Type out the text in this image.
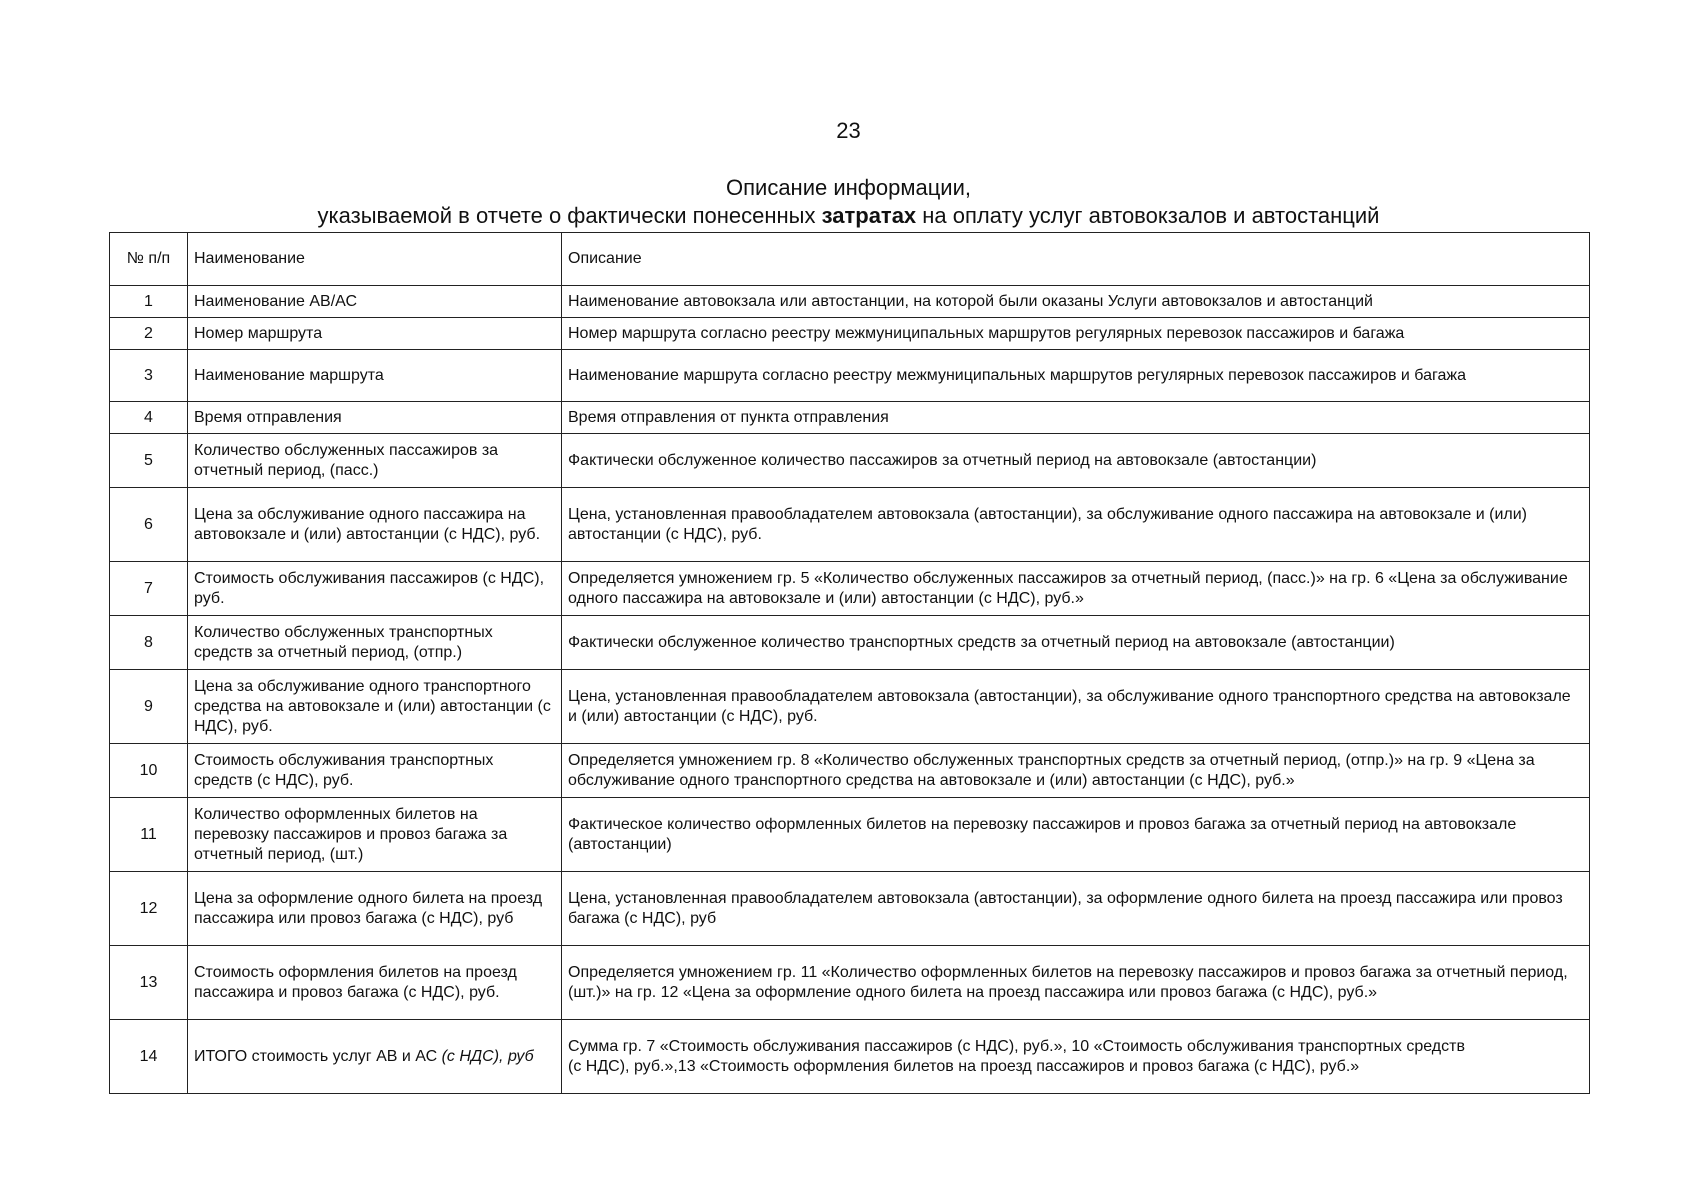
23
Описание информации,
указываемой в отчете о фактически понесенных затратах на оплату услуг автовокзалов и автостанций
№ п/п	Наименование	Описание
1	Наименование АВ/АС	Наименование автовокзала или автостанции, на которой были оказаны Услуги автовокзалов и автостанций
2	Номер маршрута	Номер маршрута согласно реестру межмуниципальных маршрутов регулярных перевозок пассажиров и багажа
3	Наименование маршрута	Наименование маршрута согласно реестру межмуниципальных маршрутов регулярных перевозок пассажиров и багажа
4	Время отправления	Время отправления от пункта отправления
5	Количество обслуженных пассажиров за отчетный период, (пасс.)	Фактически обслуженное количество пассажиров за отчетный период на автовокзале (автостанции)
6	Цена за обслуживание одного пассажира на автовокзале и (или) автостанции (с НДС), руб.	Цена, установленная правообладателем автовокзала (автостанции), за обслуживание одного пассажира на автовокзале и (или) автостанции (с НДС), руб.
7	Стоимость обслуживания пассажиров (с НДС), руб.	Определяется умножением гр. 5 «Количество обслуженных пассажиров за отчетный период, (пасс.)» на гр. 6 «Цена за обслуживание одного пассажира на автовокзале и (или) автостанции (с НДС), руб.»
8	Количество обслуженных транспортных средств за отчетный период, (отпр.)	Фактически обслуженное количество транспортных средств за отчетный период на автовокзале (автостанции)
9	Цена за обслуживание одного транспортного средства на автовокзале и (или) автостанции (с НДС), руб.	Цена, установленная правообладателем автовокзала (автостанции), за обслуживание одного транспортного средства на автовокзале и (или) автостанции (с НДС), руб.
10	Стоимость обслуживания транспортных средств (с НДС), руб.	Определяется умножением гр. 8 «Количество обслуженных транспортных средств за отчетный период, (отпр.)» на гр. 9 «Цена за обслуживание одного транспортного средства на автовокзале и (или) автостанции (с НДС), руб.»
11	Количество оформленных билетов на перевозку пассажиров и провоз багажа за отчетный период, (шт.)	Фактическое количество оформленных билетов на перевозку пассажиров и провоз багажа за отчетный период на автовокзале (автостанции)
12	Цена за оформление одного билета на проезд пассажира или провоз багажа (с НДС), руб	Цена, установленная правообладателем автовокзала (автостанции), за оформление одного билета на проезд пассажира или провоз багажа (с НДС), руб
13	Стоимость оформления билетов на проезд пассажира и провоз багажа (с НДС), руб.	Определяется умножением гр. 11 «Количество оформленных билетов на перевозку пассажиров и провоз багажа за отчетный период, (шт.)» на гр. 12 «Цена за оформление одного билета на проезд пассажира или провоз багажа (с НДС), руб.»
14	ИТОГО стоимость услуг АВ и АС (с НДС), руб	Сумма гр. 7 «Стоимость обслуживания пассажиров (с НДС), руб.», 10 «Стоимость обслуживания транспортных средств
(с НДС), руб.»,13 «Стоимость оформления билетов на проезд пассажиров и провоз багажа (с НДС), руб.»
